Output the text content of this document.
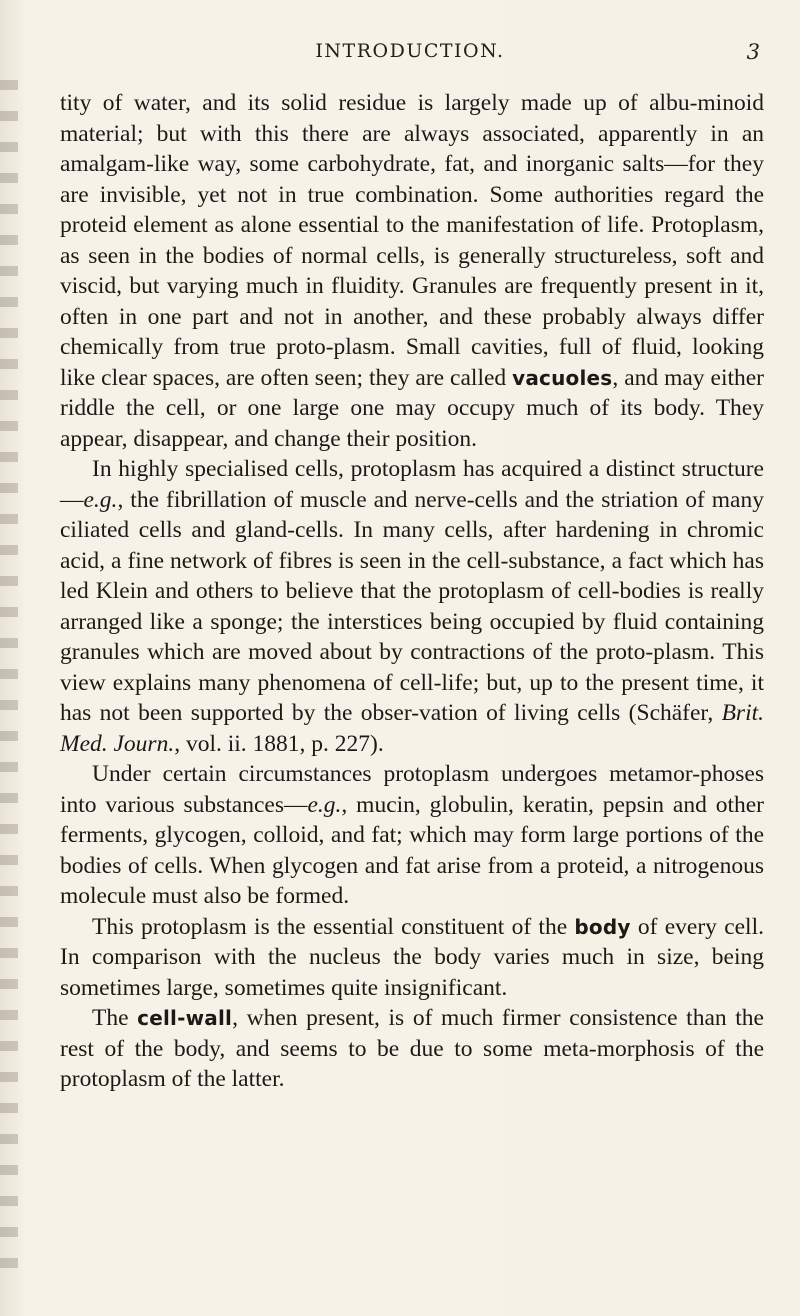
INTRODUCTION.	3

tity of water, and its solid residue is largely made up of albu-minoid material; but with this there are always associated, apparently in an amalgam-like way, some carbohydrate, fat, and inorganic salts—for they are invisible, yet not in true combination. Some authorities regard the proteid element as alone essential to the manifestation of life. Protoplasm, as seen in the bodies of normal cells, is generally structureless, soft and viscid, but varying much in fluidity. Granules are frequently present in it, often in one part and not in another, and these probably always differ chemically from true proto-plasm. Small cavities, full of fluid, looking like clear spaces, are often seen; they are called vacuoles, and may either riddle the cell, or one large one may occupy much of its body. They appear, disappear, and change their position.

In highly specialised cells, protoplasm has acquired a distinct structure—e.g., the fibrillation of muscle and nerve-cells and the striation of many ciliated cells and gland-cells. In many cells, after hardening in chromic acid, a fine network of fibres is seen in the cell-substance, a fact which has led Klein and others to believe that the protoplasm of cell-bodies is really arranged like a sponge; the interstices being occupied by fluid containing granules which are moved about by contractions of the proto-plasm. This view explains many phenomena of cell-life; but, up to the present time, it has not been supported by the obser-vation of living cells (Schäfer, Brit. Med. Journ., vol. ii. 1881, p. 227).

Under certain circumstances protoplasm undergoes metamor-phoses into various substances—e.g., mucin, globulin, keratin, pepsin and other ferments, glycogen, colloid, and fat; which may form large portions of the bodies of cells. When glycogen and fat arise from a proteid, a nitrogenous molecule must also be formed.

This protoplasm is the essential constituent of the body of every cell. In comparison with the nucleus the body varies much in size, being sometimes large, sometimes quite insignificant.

The cell-wall, when present, is of much firmer consistence than the rest of the body, and seems to be due to some meta-morphosis of the protoplasm of the latter.
